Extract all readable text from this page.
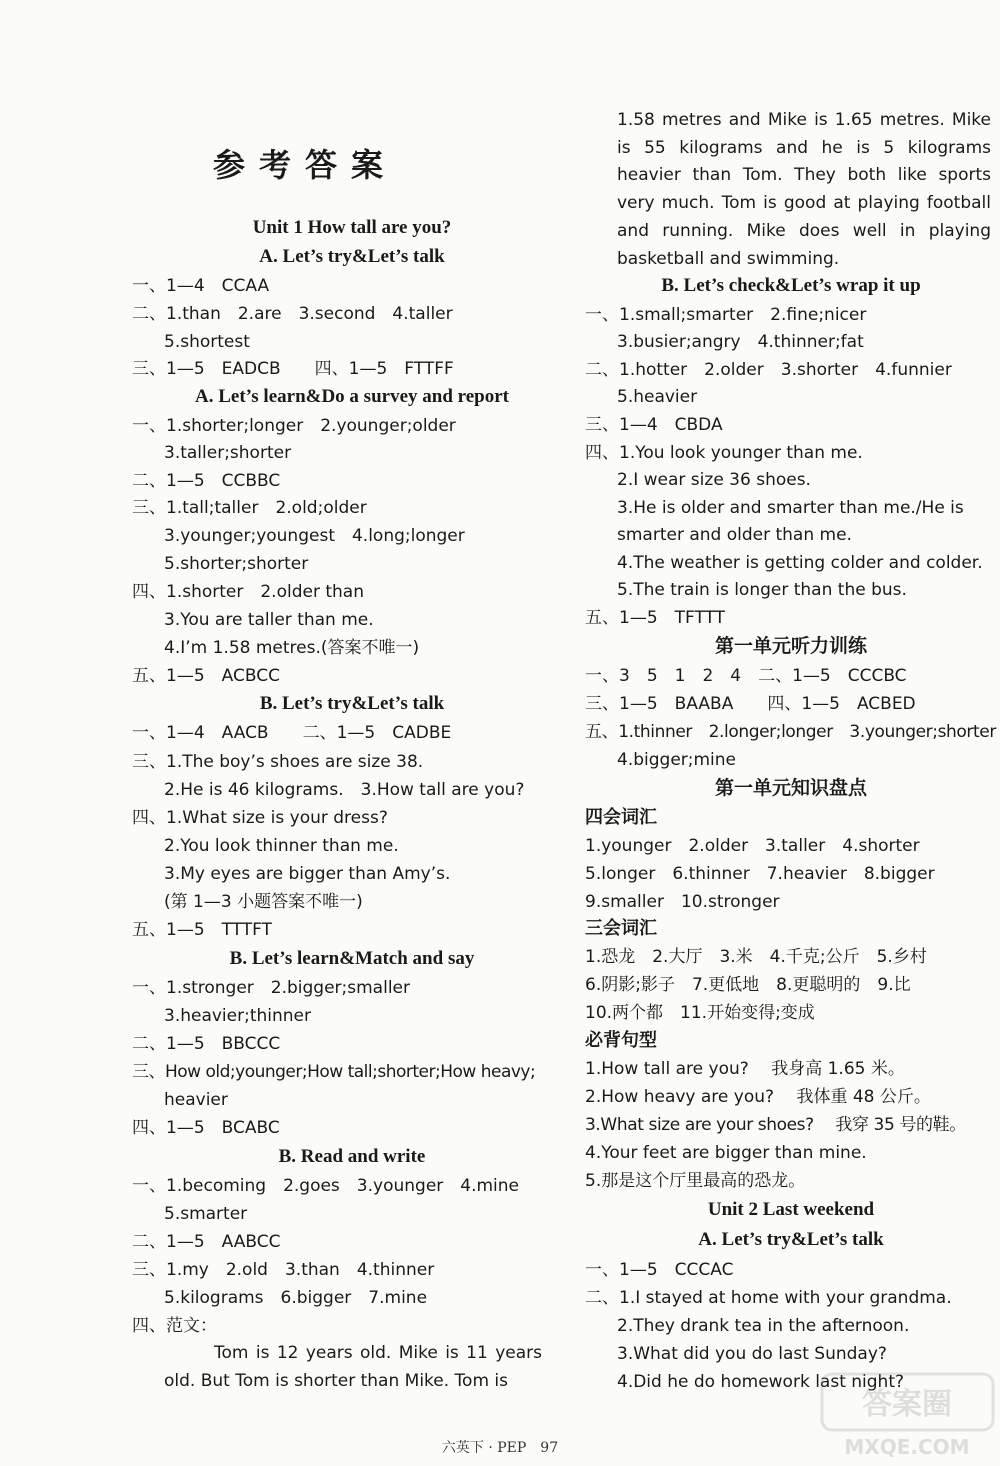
参考答案
Unit 1 How tall are you?
A. Let’s try&Let’s talk
一、1—4　CCAA
二、1.than　2.are　3.second　4.taller
5.shortest
三、1—5　EADCB　　四、1—5　FTTFF
A. Let’s learn&Do a survey and report
一、1.shorter;longer　2.younger;older
3.taller;shorter
二、1—5　CCBBC
三、1.tall;taller　2.old;older
3.younger;youngest　4.long;longer
5.shorter;shorter
四、1.shorter　2.older than
3.You are taller than me.
4.I’m 1.58 metres.(答案不唯一)
五、1—5　ACBCC
B. Let’s try&Let’s talk
一、1—4　AACB　　二、1—5　CADBE
三、1.The boy’s shoes are size 38.
2.He is 46 kilograms.　3.How tall are you?
四、1.What size is your dress?
2.You look thinner than me.
3.My eyes are bigger than Amy’s.
(第 1—3 小题答案不唯一)
五、1—5　TTTFT
B. Let’s learn&Match and say
一、1.stronger　2.bigger;smaller
3.heavier;thinner
二、1—5　BBCCC
三、How old;younger;How tall;shorter;How heavy;
heavier
四、1—5　BCABC
B. Read and write
一、1.becoming　2.goes　3.younger　4.mine
5.smarter
二、1—5　AABCC
三、1.my　2.old　3.than　4.thinner
5.kilograms　6.bigger　7.mine
四、范文：
Tom is 12 years old. Mike is 11 years old. But Tom is shorter than Mike. Tom is
1.58 metres and Mike is 1.65 metres. Mike is 55 kilograms and he is 5 kilograms heavier than Tom. They both like sports very much. Tom is good at playing football and running. Mike does well in playing basketball and swimming.
B. Let’s check&Let’s wrap it up
一、1.small;smarter　2.fine;nicer
3.busier;angry　4.thinner;fat
二、1.hotter　2.older　3.shorter　4.funnier
5.heavier
三、1—4　CBDA
四、1.You look younger than me.
2.I wear size 36 shoes.
3.He is older and smarter than me./He is
smarter and older than me.
4.The weather is getting colder and colder.
5.The train is longer than the bus.
五、1—5　TFTTT
第一单元听力训练
一、3　5　1　2　4　二、1—5　CCCBC
三、1—5　BAABA　　四、1—5　ACBED
五、1.thinner　2.longer;longer　3.younger;shorter
4.bigger;mine
第一单元知识盘点
四会词汇
1.younger　2.older　3.taller　4.shorter
5.longer　6.thinner　7.heavier　8.bigger
9.smaller　10.stronger
三会词汇
1.恐龙　2.大厅　3.米　4.千克;公斤　5.乡村
6.阴影;影子　7.更低地　8.更聪明的　9.比
10.两个都　11.开始变得;变成
必背句型
1.How tall are you?　 我身高 1.65 米。
2.How heavy are you?　 我体重 48 公斤。
3.What size are your shoes?　 我穿 35 号的鞋。
4.Your feet are bigger than mine.
5.那是这个厅里最高的恐龙。
Unit 2 Last weekend
A. Let’s try&Let’s talk
一、1—5　CCCAC
二、1.I stayed at home with your grandma.
2.They drank tea in the afternoon.
3.What did you do last Sunday?
4.Did he do homework last night?
六英下 · PEP　97
答案圈
MXQE.COM
